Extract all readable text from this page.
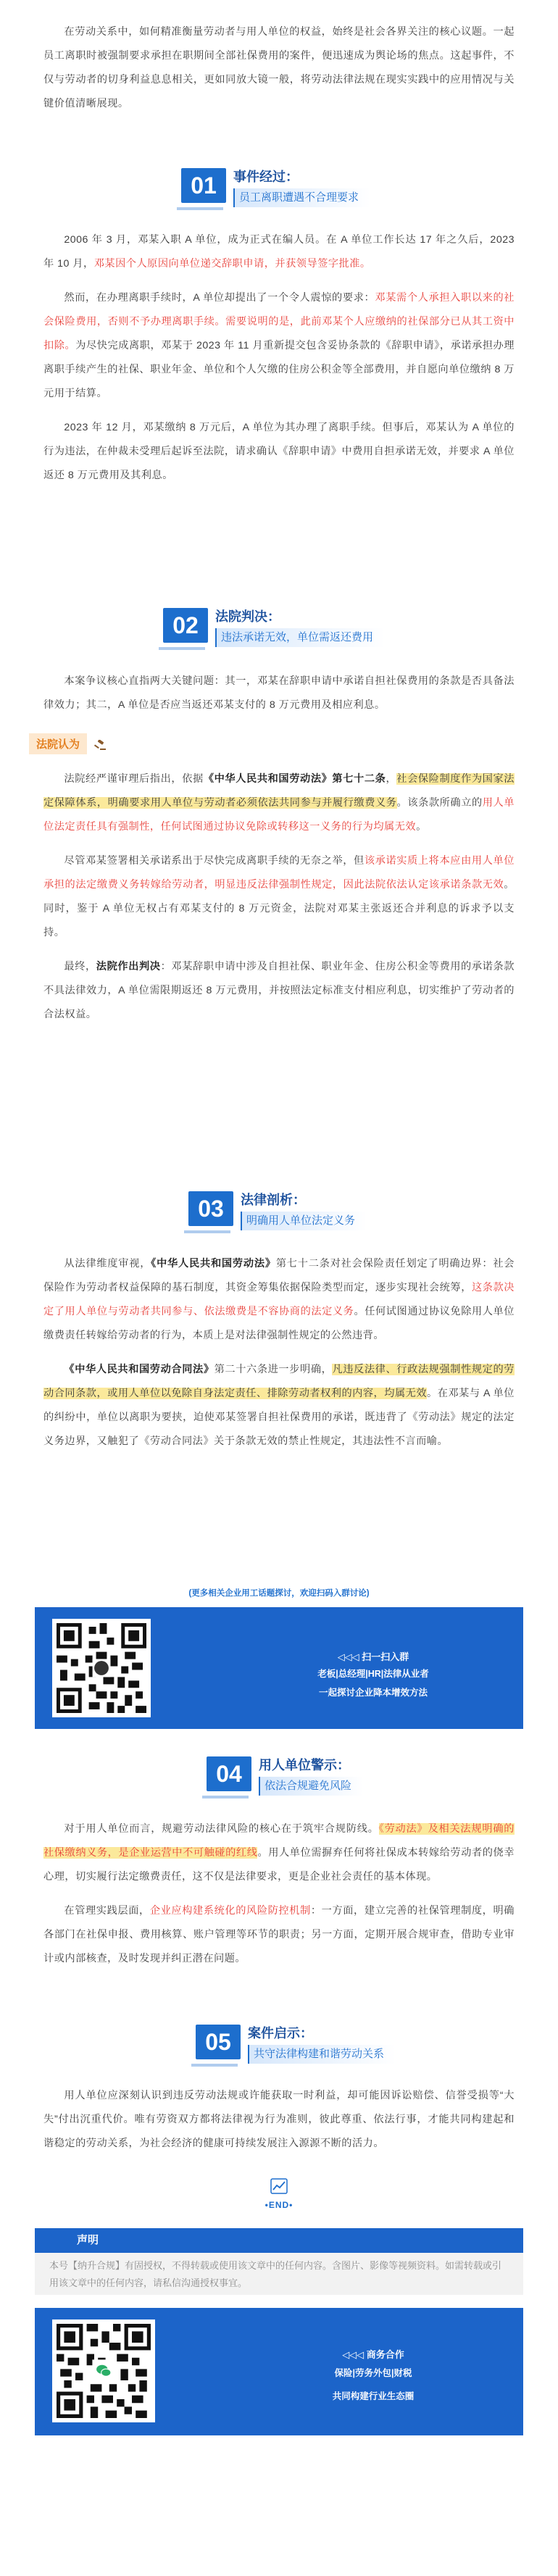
在劳动关系中，如何精准衡量劳动者与用人单位的权益，始终是社会各界关注的核心议题。一起员工离职时被强制要求承担在职期间全部社保费用的案件，便迅速成为舆论场的焦点。这起事件，不仅与劳动者的切身利益息息相关，更如同放大镜一般，将劳动法律法规在现实实践中的应用情况与关键价值清晰展现。

01	事件经过：
员工离职遭遇不合理要求

2006 年 3 月，邓某入职 A 单位，成为正式在编人员。在 A 单位工作长达 17 年之久后，2023 年 10 月，邓某因个人原因向单位递交辞职申请，并获领导签字批准。

然而，在办理离职手续时，A 单位却提出了一个令人震惊的要求：邓某需个人承担入职以来的社会保险费用，否则不予办理离职手续。需要说明的是，此前邓某个人应缴纳的社保部分已从其工资中扣除。为尽快完成离职，邓某于 2023 年 11 月重新提交包含妥协条款的《辞职申请》，承诺承担办理离职手续产生的社保、职业年金、单位和个人欠缴的住房公积金等全部费用，并自愿向单位缴纳 8 万元用于结算。

2023 年 12 月，邓某缴纳 8 万元后，A 单位为其办理了离职手续。但事后，邓某认为 A 单位的行为违法，在仲裁未受理后起诉至法院，请求确认《辞职申请》中费用自担承诺无效，并要求 A 单位返还 8 万元费用及其利息。

02	法院判决：
违法承诺无效，单位需返还费用

本案争议核心直指两大关键问题：其一，邓某在辞职申请中承诺自担社保费用的条款是否具备法律效力；其二，A 单位是否应当返还邓某支付的 8 万元费用及相应利息。

法院认为

法院经严谨审理后指出，依据《中华人民共和国劳动法》第七十二条，社会保险制度作为国家法定保障体系，明确要求用人单位与劳动者必须依法共同参与并履行缴费义务。该条款所确立的用人单位法定责任具有强制性，任何试图通过协议免除或转移这一义务的行为均属无效。

尽管邓某签署相关承诺系出于尽快完成离职手续的无奈之举，但该承诺实质上将本应由用人单位承担的法定缴费义务转嫁给劳动者，明显违反法律强制性规定，因此法院依法认定该承诺条款无效。同时，鉴于 A 单位无权占有邓某支付的 8 万元资金，法院对邓某主张返还合并利息的诉求予以支持。

最终，法院作出判决：邓某辞职申请中涉及自担社保、职业年金、住房公积金等费用的承诺条款不具法律效力，A 单位需限期返还 8 万元费用，并按照法定标准支付相应利息，切实维护了劳动者的合法权益。

03	法律剖析：
明确用人单位法定义务

从法律维度审视，《中华人民共和国劳动法》第七十二条对社会保险责任划定了明确边界：社会保险作为劳动者权益保障的基石制度，其资金筹集依据保险类型而定，逐步实现社会统筹，这条款决定了用人单位与劳动者共同参与、依法缴费是不容协商的法定义务。任何试图通过协议免除用人单位缴费责任转嫁给劳动者的行为，本质上是对法律强制性规定的公然违背。

《中华人民共和国劳动合同法》第二十六条进一步明确，凡违反法律、行政法规强制性规定的劳动合同条款，或用人单位以免除自身法定责任、排除劳动者权利的内容，均属无效。在邓某与 A 单位的纠纷中，单位以离职为要挟，迫使邓某签署自担社保费用的承诺，既违背了《劳动法》规定的法定义务边界，又触犯了《劳动合同法》关于条款无效的禁止性规定，其违法性不言而喻。

(更多相关企业用工话题探讨，欢迎扫码入群讨论)
◁◁◁ 扫一扫入群
老板|总经理|HR|法律从业者
一起探讨企业降本增效方法
04	用人单位警示：
依法合规避免风险

对于用人单位而言，规避劳动法律风险的核心在于筑牢合规防线。《劳动法》及相关法规明确的社保缴纳义务，是企业运营中不可触碰的红线。用人单位需摒弃任何将社保成本转嫁给劳动者的侥幸心理，切实履行法定缴费责任，这不仅是法律要求，更是企业社会责任的基本体现。

在管理实践层面，企业应构建系统化的风险防控机制：一方面，建立完善的社保管理制度，明确各部门在社保申报、费用核算、账户管理等环节的职责；另一方面，定期开展合规审查，借助专业审计或内部核查，及时发现并纠正潜在问题。

05	案件启示：
共守法律构建和谐劳动关系

用人单位应深刻认识到违反劳动法规或许能获取一时利益，却可能因诉讼赔偿、信誉受损等“大失”付出沉重代价。唯有劳资双方都将法律视为行为准则，彼此尊重、依法行事，才能共同构建起和谐稳定的劳动关系，为社会经济的健康可持续发展注入源源不断的活力。

•END•
声明
本号【纳升合规】有固授权，不得转载或使用该文章中的任何内容。含图片、影像等视频资料。如需转载或引用该文章中的任何内容，请私信沟通授权事宜。
◁◁◁ 商务合作
保险|劳务外包|财税
共同构建行业生态圈
